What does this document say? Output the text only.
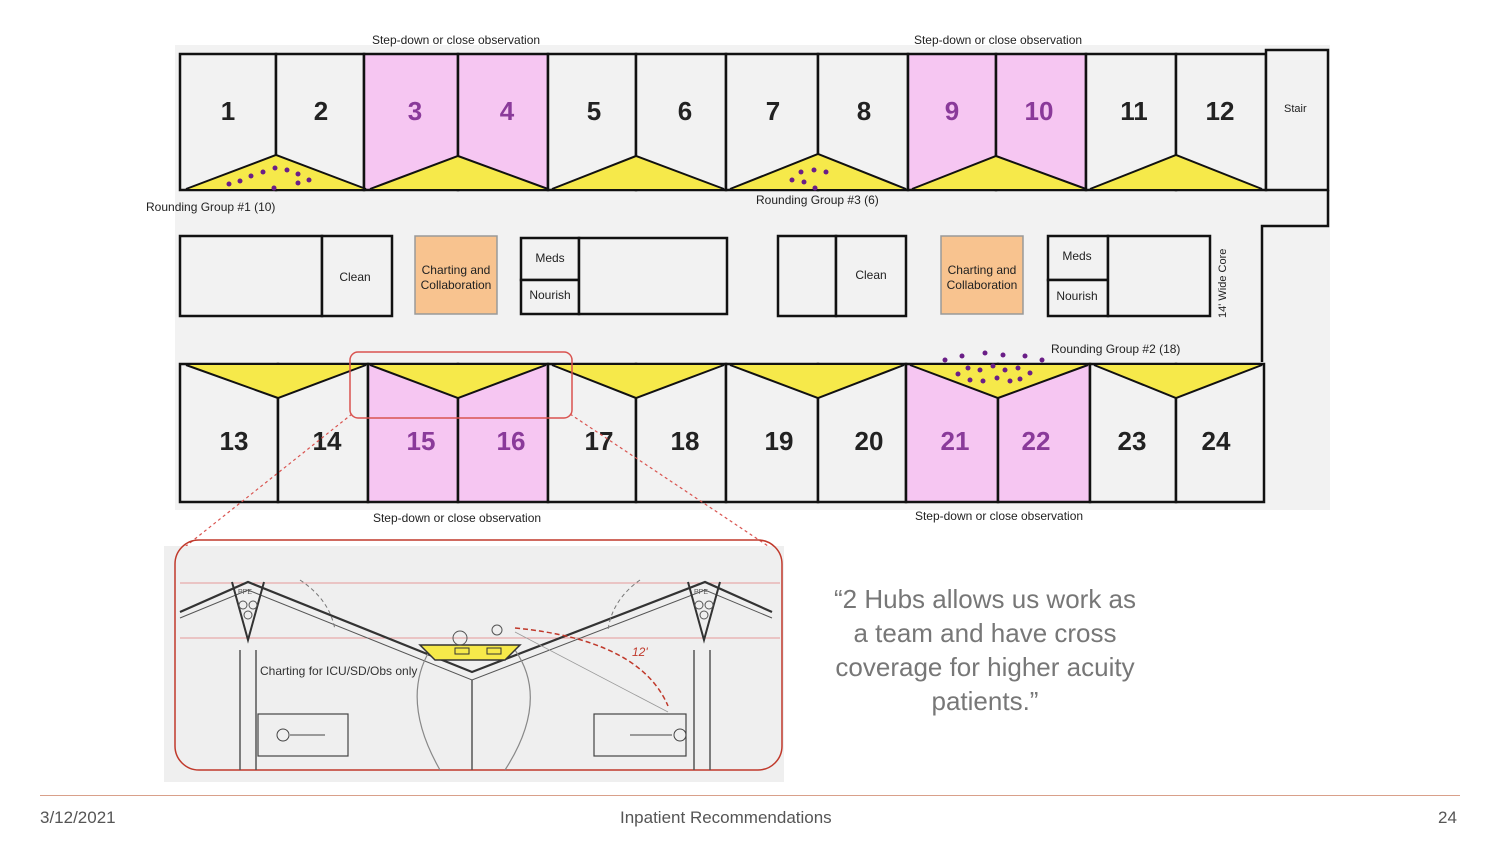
1	2	3	4	5	6	7	8	9	10	11 12	Stair
Step-down or close observation	Step-down or close observation
Rounding Group #1 (10)	Rounding Group #3 (6)
Clean	Charting and
Collaboration
Meds
Nourish
Clean	Charting and
Collaboration
Meds
Nourish	14' Wide Core
13 14	15 16 17 18	19 20 21 22	23 24
Rounding Group #2 (18)
Step-down or close observation	Step-down or close observation
PPE	PPE
12'
Charting for ICU/SD/Obs only
“2 Hubs allows us work as a team and have cross coverage for higher acuity patients.”
3/12/2021	Inpatient Recommendations	24
